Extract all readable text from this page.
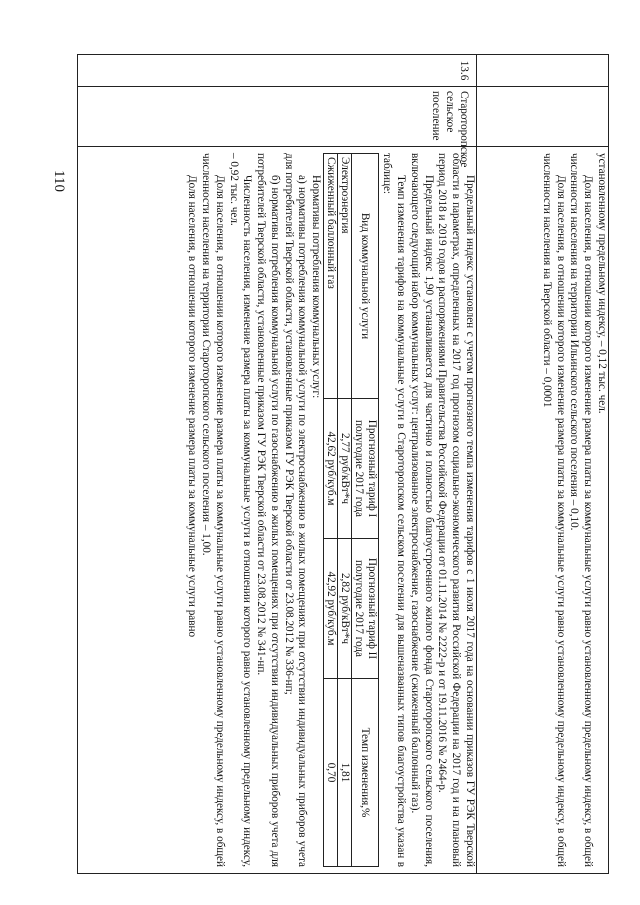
110
			установленному предельному индексу, – 0,12 тыс. чел.

Доля населения, в отношении которого изменение размера платы за коммунальные услуги равно установленному предельному индексу, в общей численности населения на территории Ильинского сельского поселения – 0,10.

Доля населения, в отношении которого изменение размера платы за коммунальные услуги равно установленному предельному индексу, в общей численности населения на Тверской области – 0,0001

13.6	Староторопское сельское поселение	

Предельный индекс установлен с учетом прогнозного темпа изменения тарифов с 1 июля 2017 года на основании приказов ГУ РЭК Тверской области в параметрах, определенных на 2017 год прогнозом социально-экономического развития Российской Федерации на 2017 год и на плановый период 2018 и 2019 годов и распоряжениями Правительства Российской Федерации от 01.11.2014 № 2222-р и от 19.11.2016 № 2464-р.

Предельный индекс 1,90 устанавливается для частично и полностью благоустроенного жилого фонда Староторопского сельского поселения, включающего следующий набор коммунальных услуг: централизованное электроснабжение, газоснабжение (сжиженный баллонный газ).

Темп изменения тарифов на коммунальные услуги в Староторопском сельском поселении для вышеназванных типов благоустройства указан в таблице:

Вид коммунальной услуги	Прогнозный тариф I полугодие 2017 года	Прогнозный тариф II полугодие 2017 года	Темп изменения,%
Электроэнергия	2,77 руб/кВт*ч	2,82 руб/кВт*ч	1,81
Сжиженный баллонный газ	42,62 руб/куб.м	42,92 руб/куб.м	0,70

Нормативы потребления коммунальных услуг:

а) нормативы потребления коммунальной услуги по электроснабжению в жилых помещениях при отсутствии индивидуальных приборов учета для потребителей Тверской области, установленные приказом ГУ РЭК Тверской области от 23.08.2012 № 336-нп;

б) нормативы потребления коммунальной услуги по газоснабжению в жилых помещениях при отсутствии индивидуальных приборов учета для потребителей Тверской области, установленные приказом ГУ РЭК Тверской области от 23.08.2012 № 341-нп.

Численность населения, изменение размера платы за коммунальные услуги в отношении которого равно установленному предельному индексу, – 0,92 тыс. чел.

Доля населения, в отношении которого изменение размера платы за коммунальные услуги равно установленному предельному индексу, в общей численности населения на территории Староторопского сельского поселения – 1,00.

Доля населения, в отношении которого изменение размера платы за коммунальные услуги равно
